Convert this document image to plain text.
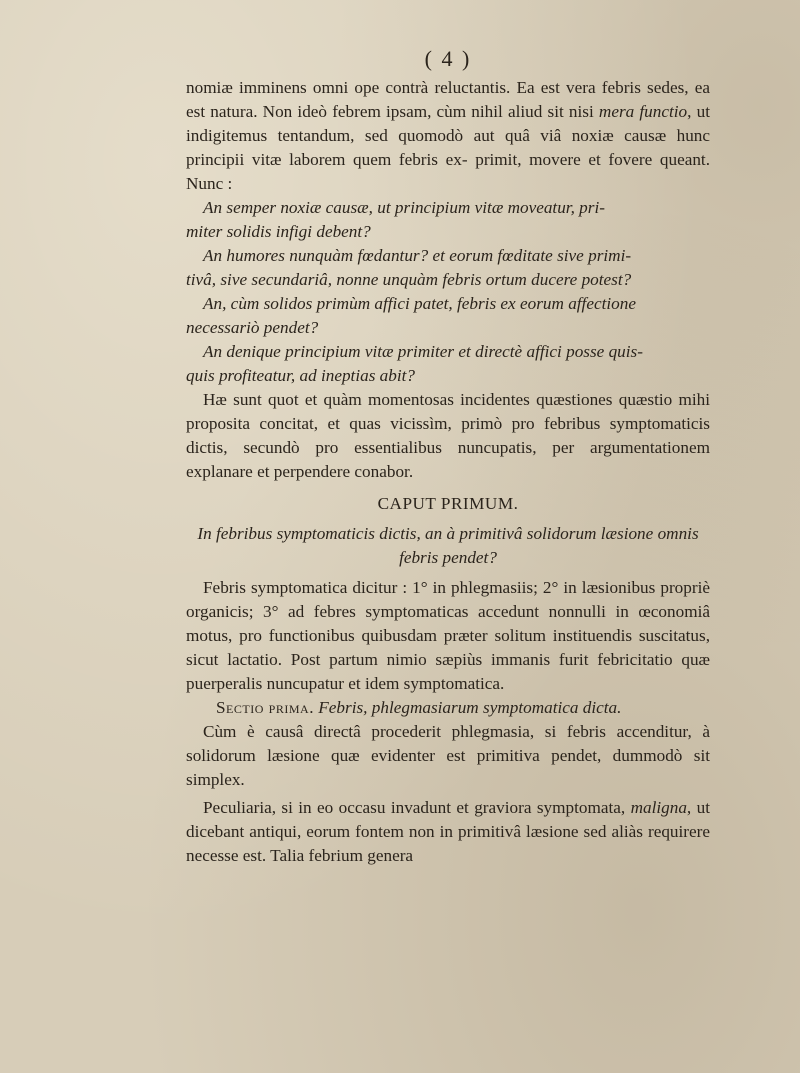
( 4 )

nomiæ imminens omni ope contrà reluctantis. Ea est vera febris sedes, ea est natura. Non ideò febrem ipsam, cùm nihil aliud sit nisi mera functio, ut indigitemus tentandum, sed quomodò aut quâ viâ noxiæ causæ hunc principii vitæ laborem quem febris ex- primit, movere et fovere queant. Nunc :

An semper noxiæ causæ, ut principium vitæ moveatur, pri-
miter solidis infigi debent?

An humores nunquàm fœdantur? et eorum fœditate sive primi-
tivâ, sive secundariâ, nonne unquàm febris ortum ducere potest?

An, cùm solidos primùm affici patet, febris ex eorum affectione
necessariò pendet?

An denique principium vitæ primiter et directè affici posse quis-
quis profiteatur, ad ineptias abit?

Hæ sunt quot et quàm momentosas incidentes quæstiones quæstio mihi proposita concitat, et quas vicissìm, primò pro febribus symptomaticis dictis, secundò pro essentialibus nuncupatis, per argumentationem explanare et perpendere conabor.

CAPUT PRIMUM.
In febribus symptomaticis dictis, an à primitivâ solidorum læsione omnis febris pendet?

Febris symptomatica dicitur : 1° in phlegmasiis; 2° in læsionibus propriè organicis; 3° ad febres symptomaticas accedunt nonnulli in œconomiâ motus, pro functionibus quibusdam præter solitum instituendis suscitatus, sicut lactatio. Post partum nimio sæpiùs immanis furit febricitatio quæ puerperalis nuncupatur et idem symptomatica.

Sectio prima. Febris, phlegmasiarum symptomatica dicta.

Cùm è causâ directâ procederit phlegmasia, si febris accenditur, à solidorum læsione quæ evidenter est primitiva pendet, dummodò sit simplex.

Peculiaria, si in eo occasu invadunt et graviora symptomata, maligna, ut dicebant antiqui, eorum fontem non in primitivâ læsione sed aliàs requirere necesse est. Talia febrium genera
